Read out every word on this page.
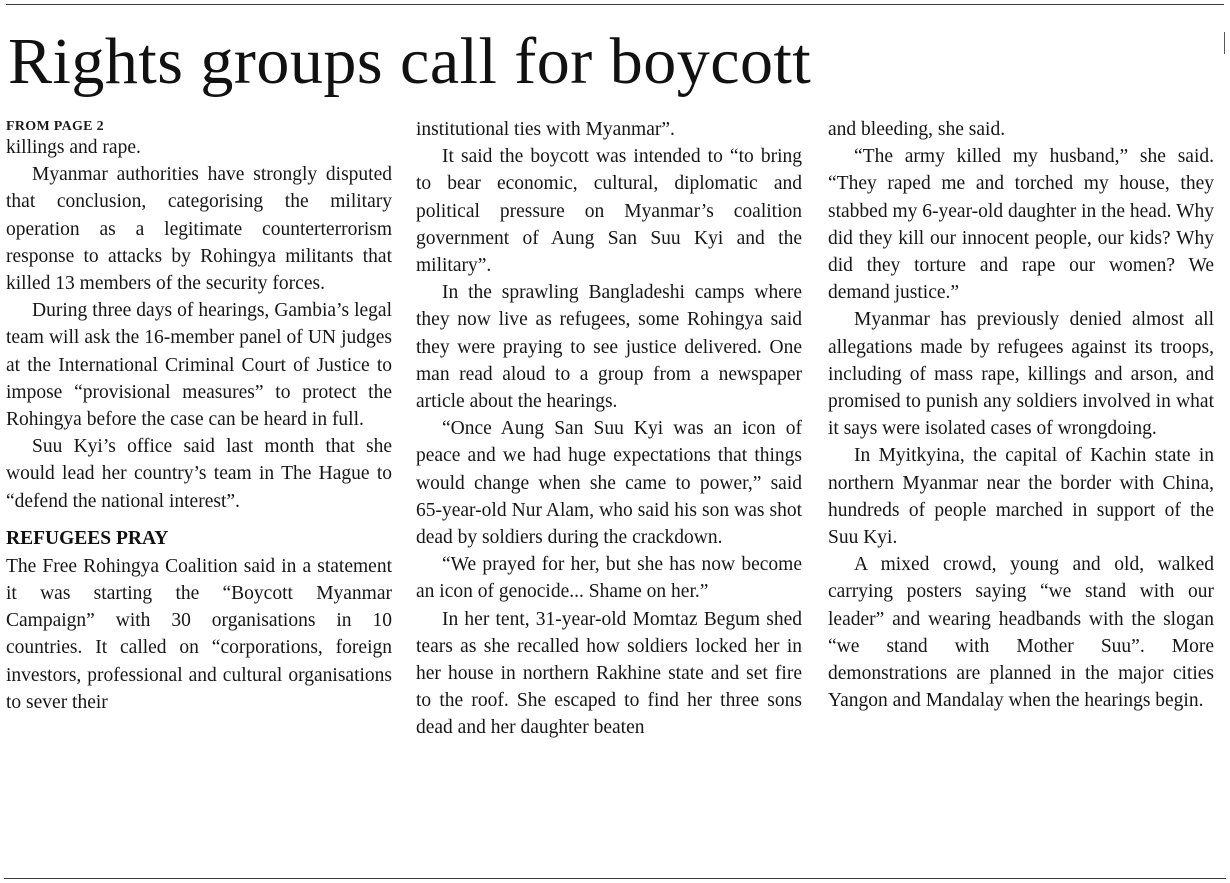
Rights groups call for boycott
FROM PAGE 2

killings and rape.

Myanmar authorities have strongly disputed that conclusion, categorising the military operation as a legitimate counterterrorism response to attacks by Rohingya militants that killed 13 members of the security forces.

During three days of hearings, Gambia’s legal team will ask the 16-member panel of UN judges at the International Criminal Court of Justice to impose “provisional measures” to protect the Rohingya before the case can be heard in full.

Suu Kyi’s office said last month that she would lead her country’s team in The Hague to “defend the national interest”.

REFUGEES PRAY

The Free Rohingya Coalition said in a statement it was starting the “Boycott Myanmar Campaign” with 30 organisations in 10 countries. It called on “corporations, foreign investors, professional and cultural organisations to sever their

institutional ties with Myanmar”.

It said the boycott was intended to “to bring to bear economic, cultural, diplomatic and political pressure on Myanmar’s coalition government of Aung San Suu Kyi and the military”.

In the sprawling Bangladeshi camps where they now live as refugees, some Rohingya said they were praying to see justice delivered. One man read aloud to a group from a newspaper article about the hearings.

“Once Aung San Suu Kyi was an icon of peace and we had huge expectations that things would change when she came to power,” said 65-year-old Nur Alam, who said his son was shot dead by soldiers during the crackdown.

“We prayed for her, but she has now become an icon of genocide... Shame on her.”

In her tent, 31-year-old Momtaz Begum shed tears as she recalled how soldiers locked her in her house in northern Rakhine state and set fire to the roof. She escaped to find her three sons dead and her daughter beaten

and bleeding, she said.

“The army killed my husband,” she said. “They raped me and torched my house, they stabbed my 6-year-old daughter in the head. Why did they kill our innocent people, our kids? Why did they torture and rape our women? We demand justice.”

Myanmar has previously denied almost all allegations made by refugees against its troops, including of mass rape, killings and arson, and promised to punish any soldiers involved in what it says were isolated cases of wrongdoing.

In Myitkyina, the capital of Kachin state in northern Myanmar near the border with China, hundreds of people marched in support of the Suu Kyi.

A mixed crowd, young and old, walked carrying posters saying “we stand with our leader” and wearing headbands with the slogan “we stand with Mother Suu”. More demonstrations are planned in the major cities Yangon and Mandalay when the hearings begin.
